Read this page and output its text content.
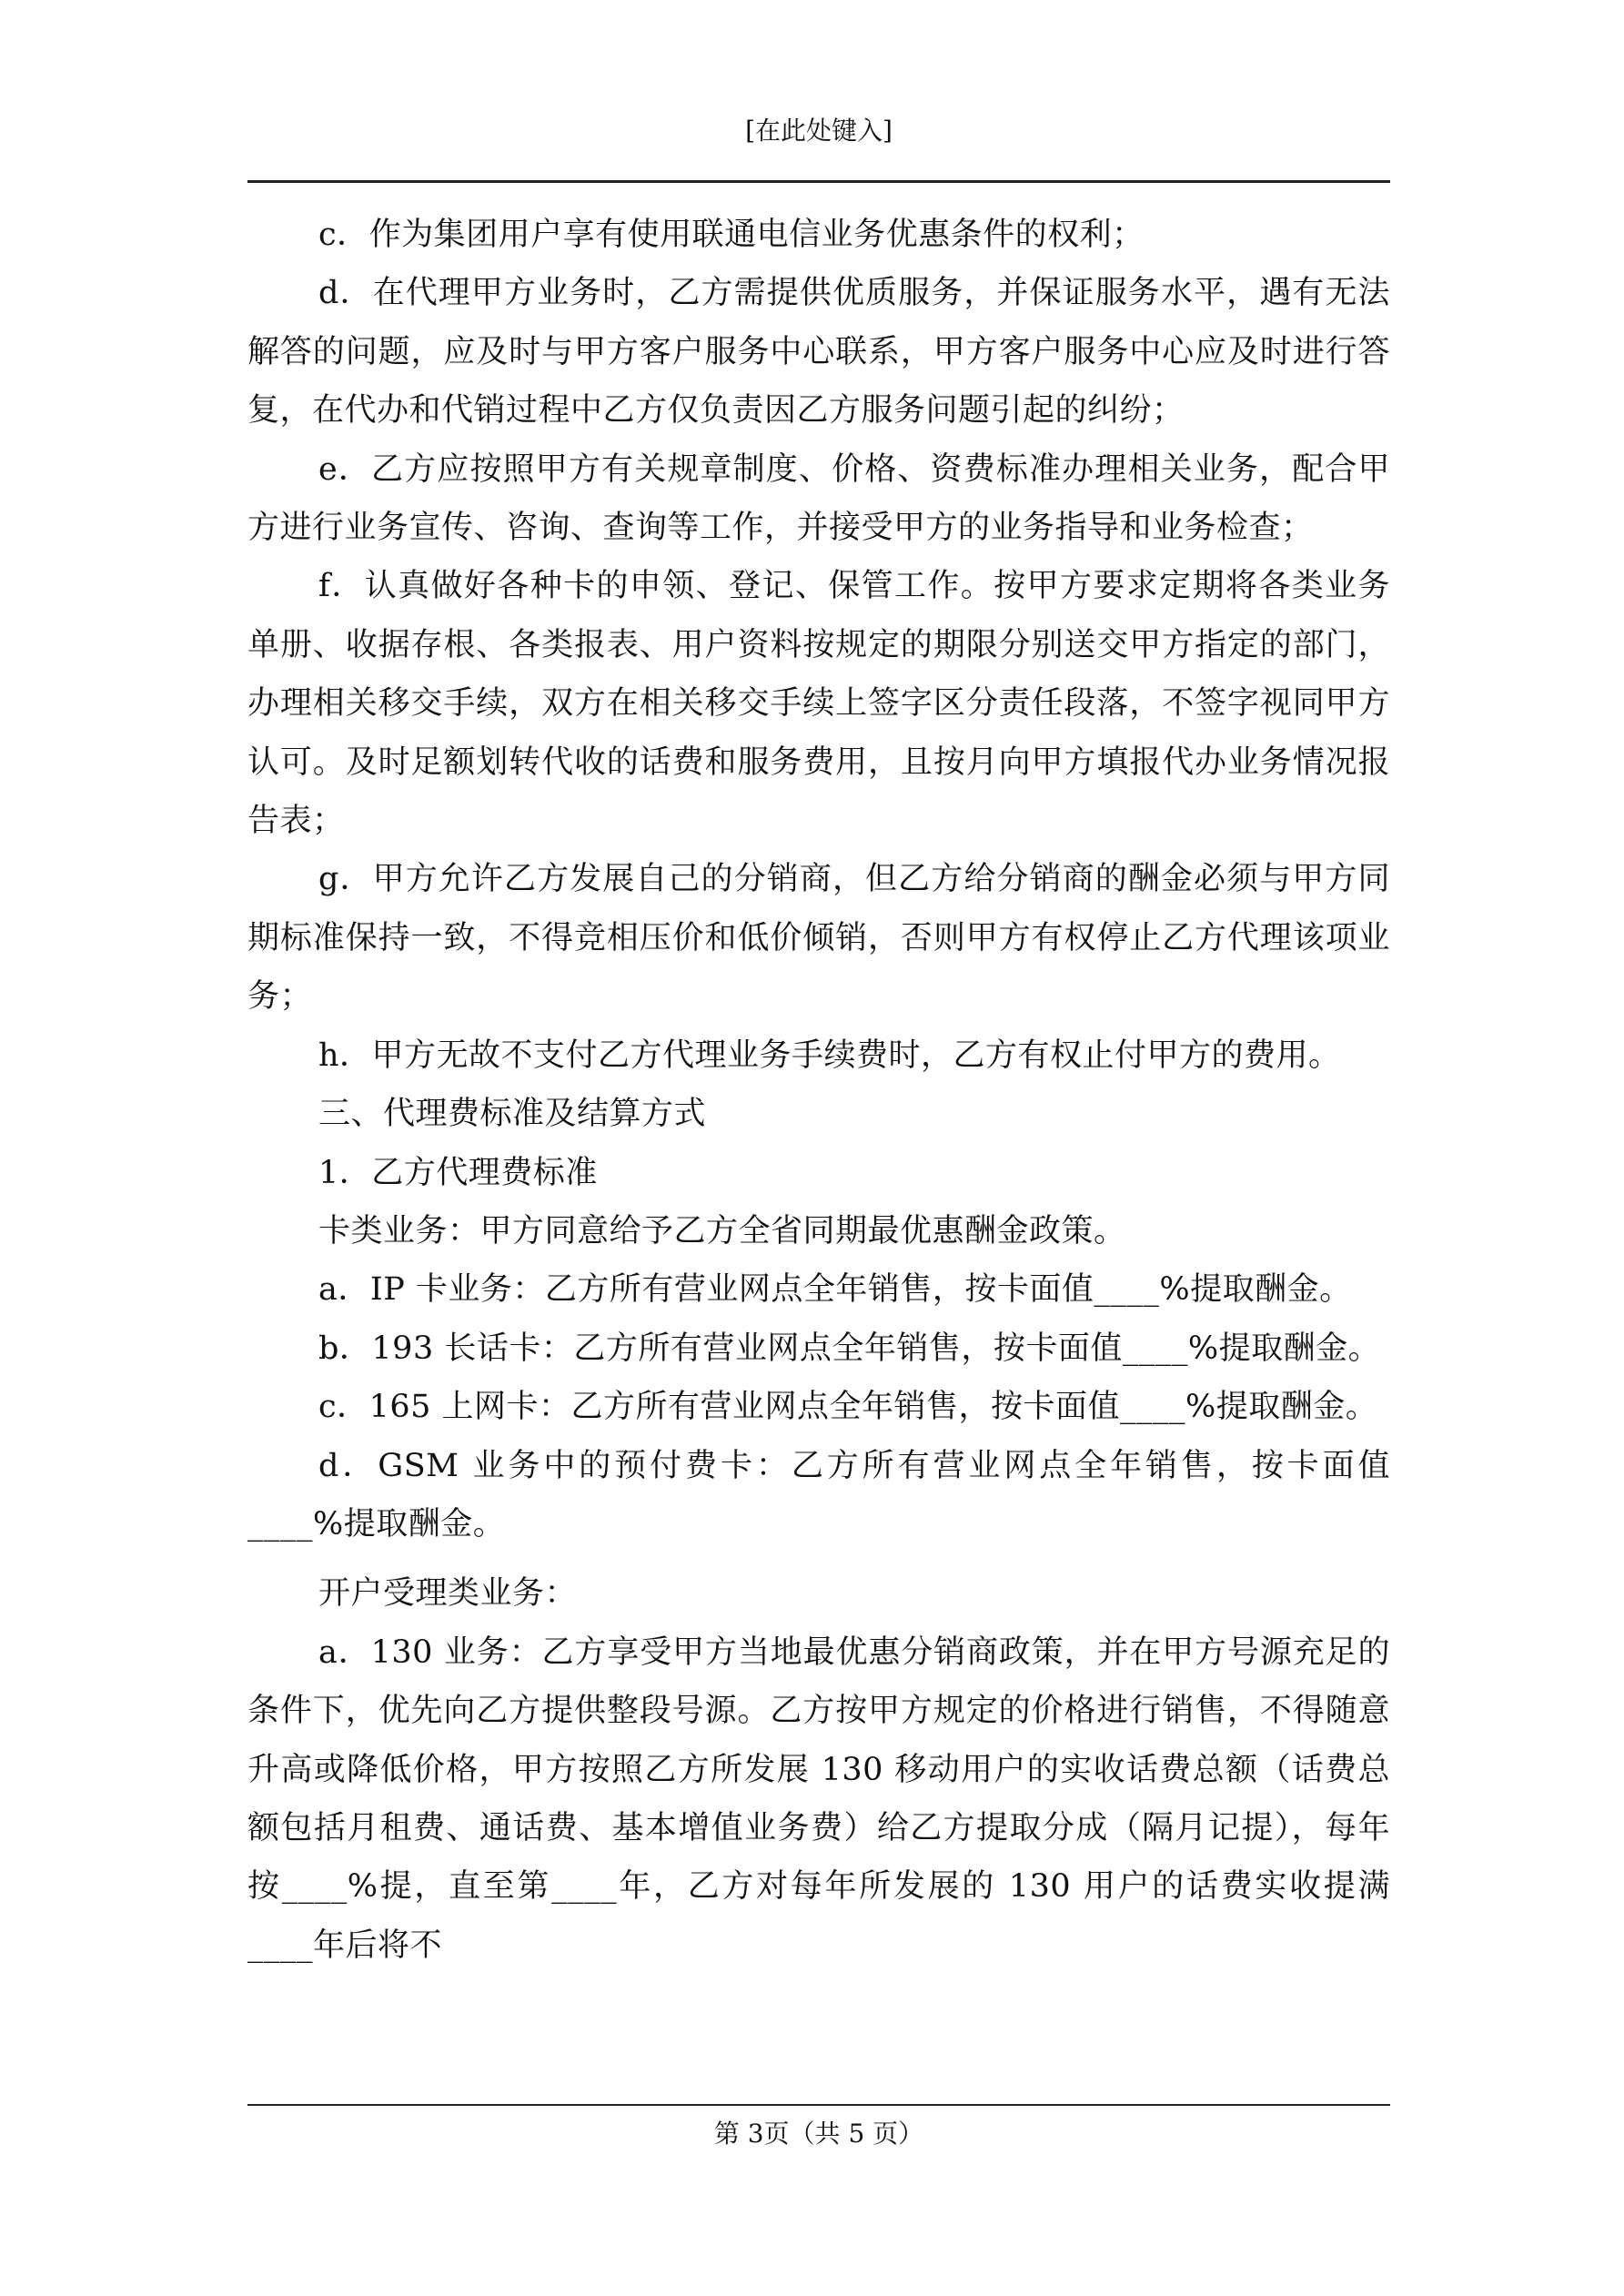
[在此处键入]

c．作为集团用户享有使用联通电信业务优惠条件的权利；

d．在代理甲方业务时，乙方需提供优质服务，并保证服务水平，遇有无法解答的问题，应及时与甲方客户服务中心联系，甲方客户服务中心应及时进行答复，在代办和代销过程中乙方仅负责因乙方服务问题引起的纠纷；

e．乙方应按照甲方有关规章制度、价格、资费标准办理相关业务，配合甲方进行业务宣传、咨询、查询等工作，并接受甲方的业务指导和业务检查；

f．认真做好各种卡的申领、登记、保管工作。按甲方要求定期将各类业务单册、收据存根、各类报表、用户资料按规定的期限分别送交甲方指定的部门，办理相关移交手续，双方在相关移交手续上签字区分责任段落，不签字视同甲方认可。及时足额划转代收的话费和服务费用，且按月向甲方填报代办业务情况报告表；

g．甲方允许乙方发展自己的分销商，但乙方给分销商的酬金必须与甲方同期标准保持一致，不得竞相压价和低价倾销，否则甲方有权停止乙方代理该项业务；

h．甲方无故不支付乙方代理业务手续费时，乙方有权止付甲方的费用。

三、代理费标准及结算方式

1．乙方代理费标准

卡类业务：甲方同意给予乙方全省同期最优惠酬金政策。

a．IP 卡业务：乙方所有营业网点全年销售，按卡面值____%提取酬金。

b．193 长话卡：乙方所有营业网点全年销售，按卡面值____%提取酬金。

c．165 上网卡：乙方所有营业网点全年销售，按卡面值____%提取酬金。

d．GSM 业务中的预付费卡：乙方所有营业网点全年销售，按卡面值____%提取酬金。

开户受理类业务：

a．130 业务：乙方享受甲方当地最优惠分销商政策，并在甲方号源充足的条件下，优先向乙方提供整段号源。乙方按甲方规定的价格进行销售，不得随意升高或降低价格，甲方按照乙方所发展 130 移动用户的实收话费总额（话费总额包括月租费、通话费、基本增值业务费）给乙方提取分成（隔月记提），每年按____%提，直至第____年，乙方对每年所发展的 130 用户的话费实收提满____年后将不

第 3页（共 5 页）
